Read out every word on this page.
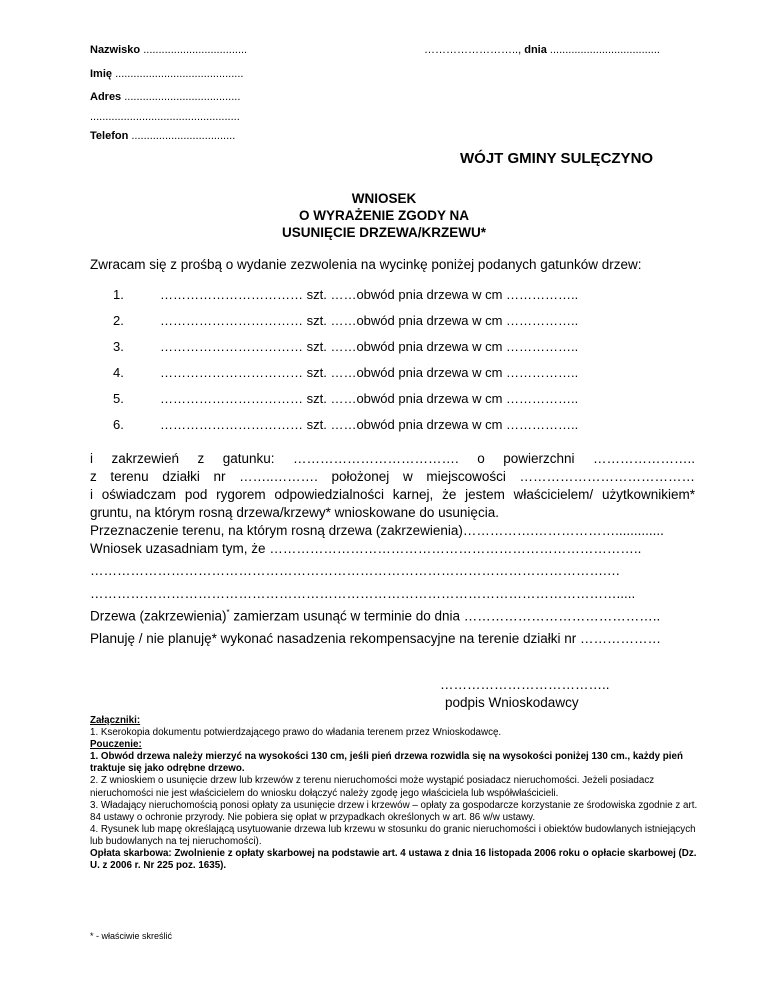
Nazwisko ..................................	…………………….., dnia ....................................
Imię ..........................................
Adres ......................................
.................................................
Telefon ..................................
WÓJT GMINY SULĘCZYNO
WNIOSEK
O WYRAŻENIE ZGODY NA
USUNIĘCIE DRZEWA/KRZEWU*
Zwracam się z prośbą o wydanie zezwolenia na wycinkę poniżej podanych gatunków drzew:
1.	…………………………… szt. ……obwód pnia drzewa w cm ……………..
2.	…………………………… szt. ……obwód pnia drzewa w cm ……………..
3.	…………………………… szt. ……obwód pnia drzewa w cm ……………..
4.	…………………………… szt. ……obwód pnia drzewa w cm ……………..
5.	…………………………… szt. ……obwód pnia drzewa w cm ……………..
6.	…………………………… szt. ……obwód pnia drzewa w cm ……………..
i zakrzewień z gatunku: ………………………………. o powierzchni …………………..
z terenu działki nr ……..………. położonej w miejscowości …………………………………
i oświadczam pod rygorem odpowiedzialności karnej, że jestem właścicielem/ użytkownikiem*
gruntu, na którym rosną drzewa/krzewy* wnioskowane do usunięcia.
Przeznaczenie terenu, na którym rosną drzewa (zakrzewienia)…………….……………….............
Wniosek uzasadniam tym, że ………………………………………………………………………..
…………………………………………………………………………………………………….…
……………………………………………………………………………………………………….....
Drzewa (zakrzewienia)* zamierzam usunąć w terminie do dnia ……………………………………..
Planuję / nie planuję* wykonać nasadzenia rekompensacyjne na terenie działki nr ………………
………………………………..
podpis Wnioskodawcy
Załączniki:
1. Kserokopia dokumentu potwierdzającego prawo do władania terenem przez Wnioskodawcę.
Pouczenie:
1. Obwód drzewa należy mierzyć na wysokości 130 cm, jeśli pień drzewa rozwidla się na wysokości poniżej 130 cm., każdy pień traktuje się jako odrębne drzewo.
2. Z wnioskiem o usunięcie drzew lub krzewów z terenu nieruchomości może wystąpić posiadacz nieruchomości. Jeżeli posiadacz nieruchomości nie jest właścicielem do wniosku dołączyć należy zgodę jego właściciela lub współwłaścicieli.
3. Władający nieruchomością ponosi opłaty za usunięcie drzew i krzewów – opłaty za gospodarcze korzystanie ze środowiska zgodnie z art. 84 ustawy o ochronie przyrody. Nie pobiera się opłat w przypadkach określonych w art. 86 w/w ustawy.
4. Rysunek lub mapę określającą usytuowanie drzewa lub krzewu w stosunku do granic nieruchomości i obiektów budowlanych istniejących lub budowlanych na tej nieruchomości).
Opłata skarbowa: Zwolnienie z opłaty skarbowej na podstawie art. 4 ustawa z dnia 16 listopada 2006 roku o opłacie skarbowej (Dz. U. z 2006 r. Nr 225 poz. 1635).
* - właściwie skreślić
